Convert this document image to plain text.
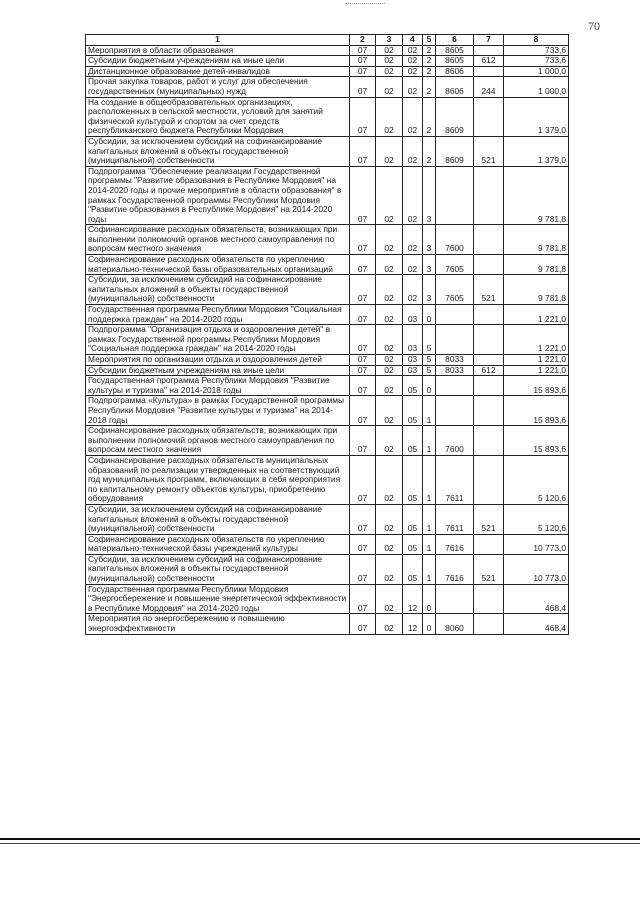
70
1	2	3	4	5	6	7	8
Мероприятия в области образования	07	02	02	2	8605		733,6
Субсидии бюджетным учреждениям на иные цели	07	02	02	2	8605	612	733,6
Дистанционное образование детей-инвалидов	07	02	02	2	8606		1 000,0
Прочая закупка товаров, работ и услуг для обеспечения государственных (муниципальных) нужд	07	02	02	2	8606	244	1 000,0
На создание в общеобразовательных организациях, расположенных в сельской местности, условий для занятий физической культурой и спортом за счет средств республиканского бюджета Республики Мордовия	07	02	02	2	8609		1 379,0
Субсидии, за исключением субсидий на софинансирование капитальных вложений в объекты государственной (муниципальной) собственности	07	02	02	2	8609	521	1 379,0
Подпрограмма "Обеспечение реализации Государственной программы "Развитие образования в Республике Мордовия" на 2014-2020 годы и прочие мероприятия в области образования" в рамках Государственной программы Республики Мордовия "Развитие образования в Республике Мордовия" на 2014-2020 годы	07	02	02	3			9 781,8
Софинансирование расходных обязательств, возникающих при выполнении полномочий органов местного самоуправления по вопросам местного значения	07	02	02	3	7600		9 781,8
Софинансирование расходных обязательств по укреплению материально-технической базы образовательных организаций	07	02	02	3	7605		9 781,8
Субсидии, за исключением субсидий на софинансирование капитальных вложений в объекты государственной (муниципальной) собственности	07	02	02	3	7605	521	9 781,8
Государственная программа Республики Мордовия "Социальная поддержка граждан" на 2014-2020 годы	07	02	03	0			1 221,0
Подпрограмма "Организация отдыха и оздоровления детей" в рамках Государственной программы Республики Мордовия "Социальная поддержка граждан" на 2014-2020 годы	07	02	03	5			1 221,0
Мероприятия по организации отдыха и оздоровления детей	07	02	03	5	8033		1 221,0
Субсидии бюджетным учреждениям на иные цели	07	02	03	5	8033	612	1 221,0
Государственная программа Республики Мордовия "Развитие культуры и туризма" на 2014-2018 годы	07	02	05	0			15 893,6
Подпрограмма «Культура» в рамках Государственной программы Республики Мордовия "Развитие культуры и туризма" на 2014-2018 годы	07	02	05	1			15 893,6
Софинансирование расходных обязательств, возникающих при выполнении полномочий органов местного самоуправления по вопросам местного значения	07	02	05	1	7600		15 893,6
Софинансирование расходных обязательств муниципальных образований по реализации утвержденных на соответствующий год муниципальных программ, включающих в себя мероприятия по капитальному ремонту объектов культуры, приобретению оборудования	07	02	05	1	7611		5 120,6
Субсидии, за исключением субсидий на софинансирование капитальных вложений в объекты государственной (муниципальной) собственности	07	02	05	1	7611	521	5 120,6
Софинансирование расходных обязательств по укреплению материально-технической базы учреждений культуры	07	02	05	1	7616		10 773,0
Субсидии, за исключением субсидий на софинансирование капитальных вложений в объекты государственной (муниципальной) собственности	07	02	05	1	7616	521	10 773,0
Государственная программа Республики Мордовия "Энергосбережение и повышение энергетической эффективности в Республике Мордовия" на 2014-2020 годы	07	02	12	0			468,4
Мероприятия по энергосбережению и повышению энергоэффективности	07	02	12	0	8060		468,4
